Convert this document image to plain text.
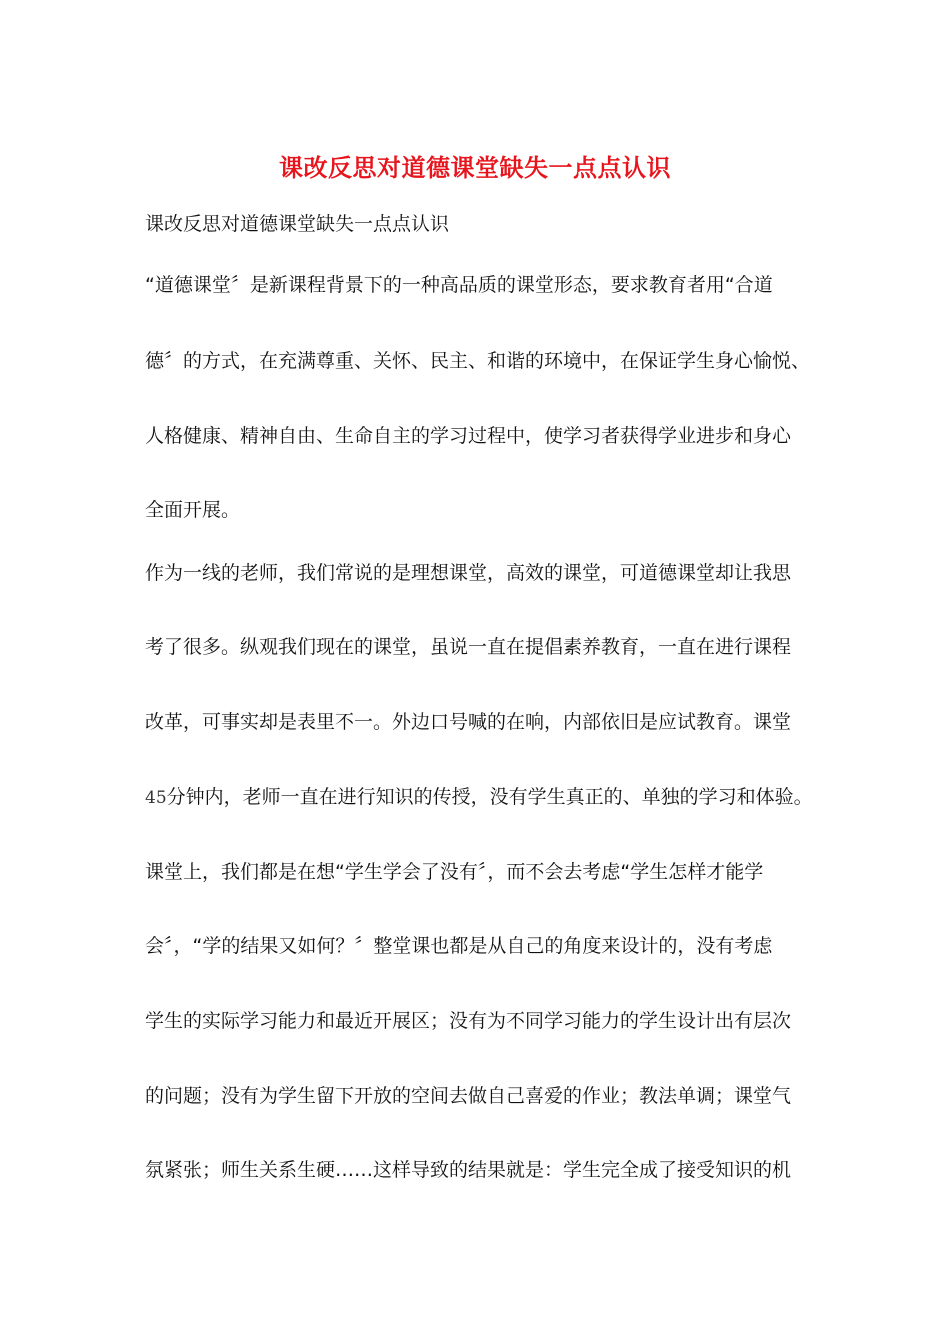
课改反思对道德课堂缺失一点点认识
课改反思对道德课堂缺失一点点认识
“道德课堂〞是新课程背景下的一种高品质的课堂形态，要求教育者用“合道
德〞的方式，在充满尊重、关怀、民主、和谐的环境中，在保证学生身心愉悦、
人格健康、精神自由、生命自主的学习过程中，使学习者获得学业进步和身心
全面开展。
作为一线的老师，我们常说的是理想课堂，高效的课堂，可道德课堂却让我思
考了很多。纵观我们现在的课堂，虽说一直在提倡素养教育，一直在进行课程
改革，可事实却是表里不一。外边口号喊的在响，内部依旧是应试教育。课堂
45分钟内，老师一直在进行知识的传授，没有学生真正的、单独的学习和体验。
课堂上，我们都是在想“学生学会了没有〞，而不会去考虑“学生怎样才能学
会〞，“学的结果又如何？〞整堂课也都是从自己的角度来设计的，没有考虑
学生的实际学习能力和最近开展区；没有为不同学习能力的学生设计出有层次
的问题；没有为学生留下开放的空间去做自己喜爱的作业；教法单调；课堂气
氛紧张；师生关系生硬……这样导致的结果就是：学生完全成了接受知识的机
